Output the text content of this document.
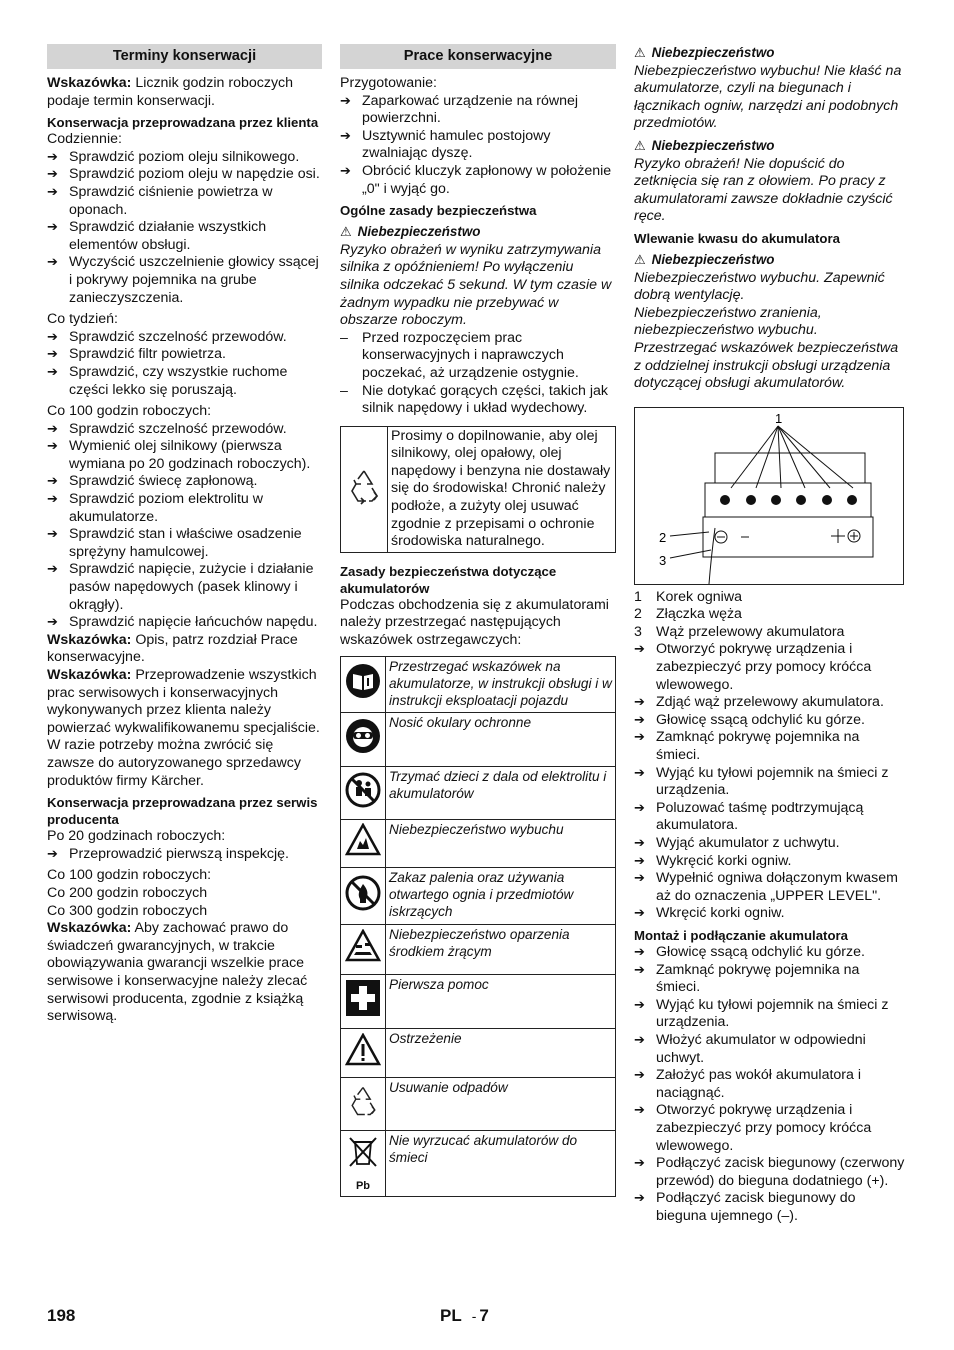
Terminy konserwacji

Wskazówka: Licznik godzin roboczych podaje termin konserwacji.

Konserwacja przeprowadzana przez klienta

Codziennie:

➔ Sprawdzić poziom oleju silnikowego.
➔ Sprawdzić poziom oleju w napędzie osi.
➔ Sprawdzić ciśnienie powietrza w oponach.
➔ Sprawdzić działanie wszystkich elementów obsługi.
➔ Wyczyścić uszczelnienie głowicy ssącej i pokrywy pojemnika na grube zanieczyszczenia.

Co tydzień:

➔ Sprawdzić szczelność przewodów.
➔ Sprawdzić filtr powietrza.
➔ Sprawdzić, czy wszystkie ruchome części lekko się poruszają.

Co 100 godzin roboczych:

➔ Sprawdzić szczelność przewodów.
➔ Wymienić olej silnikowy (pierwsza wymiana po 20 godzinach roboczych).
➔ Sprawdzić świecę zapłonową.
➔ Sprawdzić poziom elektrolitu w akumulatorze.
➔ Sprawdzić stan i właściwe osadzenie sprężyny hamulcowej.
➔ Sprawdzić napięcie, zużycie i działanie pasów napędowych (pasek klinowy i okrągły).
➔ Sprawdzić napięcie łańcuchów napędu.

Wskazówka: Opis, patrz rozdział Prace konserwacyjne.

Wskazówka: Przeprowadzenie wszystkich prac serwisowych i konserwacyjnych wykonywanych przez klienta należy powierzać wykwalifikowanemu specjaliście. W razie potrzeby można zwrócić się zawsze do autoryzowanego sprzedawcy produktów firmy Kärcher.

Konserwacja przeprowadzana przez serwis producenta

Po 20 godzinach roboczych:

➔ Przeprowadzić pierwszą inspekcję.

Co 100 godzin roboczych:

Co 200 godzin roboczych

Co 300 godzin roboczych

Wskazówka: Aby zachować prawo do świadczeń gwarancyjnych, w trakcie obowiązywania gwarancji wszelkie prace serwisowe i konserwacyjne należy zlecać serwisowi producenta, zgodnie z książką serwisową.

Prace konserwacyjne

Przygotowanie:

➔ Zaparkować urządzenie na równej powierzchni.
➔ Usztywnić hamulec postojowy zwalniając dyszę.
➔ Obrócić kluczyk zapłonowy w położenie „0" i wyjąć go.

Ogólne zasady bezpieczeństwa

⚠ Niebezpieczeństwo

Ryzyko obrażeń w wyniku zatrzymywania silnika z opóźnieniem! Po wyłączeniu silnika odczekać 5 sekund. W tym czasie w żadnym wypadku nie przebywać w obszarze roboczym.

– Przed rozpoczęciem prac konserwacyjnych i naprawczych poczekać, aż urządzenie ostygnie.
– Nie dotykać gorących części, takich jak silnik napędowy i układ wydechowy.
	Prosimy o dopilnowanie, aby olej silnikowy, olej opałowy, olej napędowy i benzyna nie dostawały się do środowiska! Chronić należy podłoże, a zużyty olej usuwać zgodnie z przepisami o ochronie środowiska naturalnego.

Zasady bezpieczeństwa dotyczące akumulatorów

Podczas obchodzenia się z akumulatorami należy przestrzegać następujących wskazówek ostrzegawczych:

	Przestrzegać wskazówek na akumulatorze, w instrukcji obsługi i w instrukcji eksploatacji pojazdu
	Nosić okulary ochronne
	Trzymać dzieci z dala od elektrolitu i akumulatorów
	Niebezpieczeństwo wybuchu
	Zakaz palenia oraz używania otwartego ognia i przedmiotów iskrzących
	Niebezpieczeństwo oparzenia środkiem żrącym
	Pierwsza pomoc
	Ostrzeżenie
	Usuwanie odpadów

Pb	Nie wyrzucać akumulatorów do śmieci

⚠ Niebezpieczeństwo

Niebezpieczeństwo wybuchu! Nie kłaść na akumulatorze, czyli na biegunach i łącznikach ogniw, narzędzi ani podobnych przedmiotów.

⚠ Niebezpieczeństwo

Ryzyko obrażeń! Nie dopuścić do zetknięcia się ran z ołowiem. Po pracy z akumulatorami zawsze dokładnie czyścić ręce.

Wlewanie kwasu do akumulatora

⚠ Niebezpieczeństwo

Niebezpieczeństwo wybuchu. Zapewnić dobrą wentylację.
Niebezpieczeństwo zranienia, niebezpieczeństwo wybuchu.
Przestrzegać wskazówek bezpieczeństwa z oddzielnej instrukcji obsługi urządzenia dotyczącej obsługi akumulatorów.

1
2
3
1 Korek ogniwa
2 Złączka węża
3 Wąż przelewowy akumulatora
➔ Otworzyć pokrywę urządzenia i zabezpieczyć przy pomocy króćca wlewowego.
➔ Zdjąć wąż przelewowy akumulatora.
➔ Głowicę ssącą odchylić ku górze.
➔ Zamknąć pokrywę pojemnika na śmieci.
➔ Wyjąć ku tyłowi pojemnik na śmieci z urządzenia.
➔ Poluzować taśmę podtrzymującą akumulatora.
➔ Wyjąć akumulator z uchwytu.
➔ Wykręcić korki ogniw.
➔ Wypełnić ogniwa dołączonym kwasem aż do oznaczenia „UPPER LEVEL".
➔ Wkręcić korki ogniw.

Montaż i podłączanie akumulatora

➔ Głowicę ssącą odchylić ku górze.
➔ Zamknąć pokrywę pojemnika na śmieci.
➔ Wyjąć ku tyłowi pojemnik na śmieci z urządzenia.
➔ Włożyć akumulator w odpowiedni uchwyt.
➔ Założyć pas wokół akumulatora i naciągnąć.
➔ Otworzyć pokrywę urządzenia i zabezpieczyć przy pomocy króćca wlewowego.
➔ Podłączyć zacisk biegunowy (czerwony przewód) do bieguna dodatniego (+).
➔ Podłączyć zacisk biegunowy do bieguna ujemnego (–).
198	PL - 7
